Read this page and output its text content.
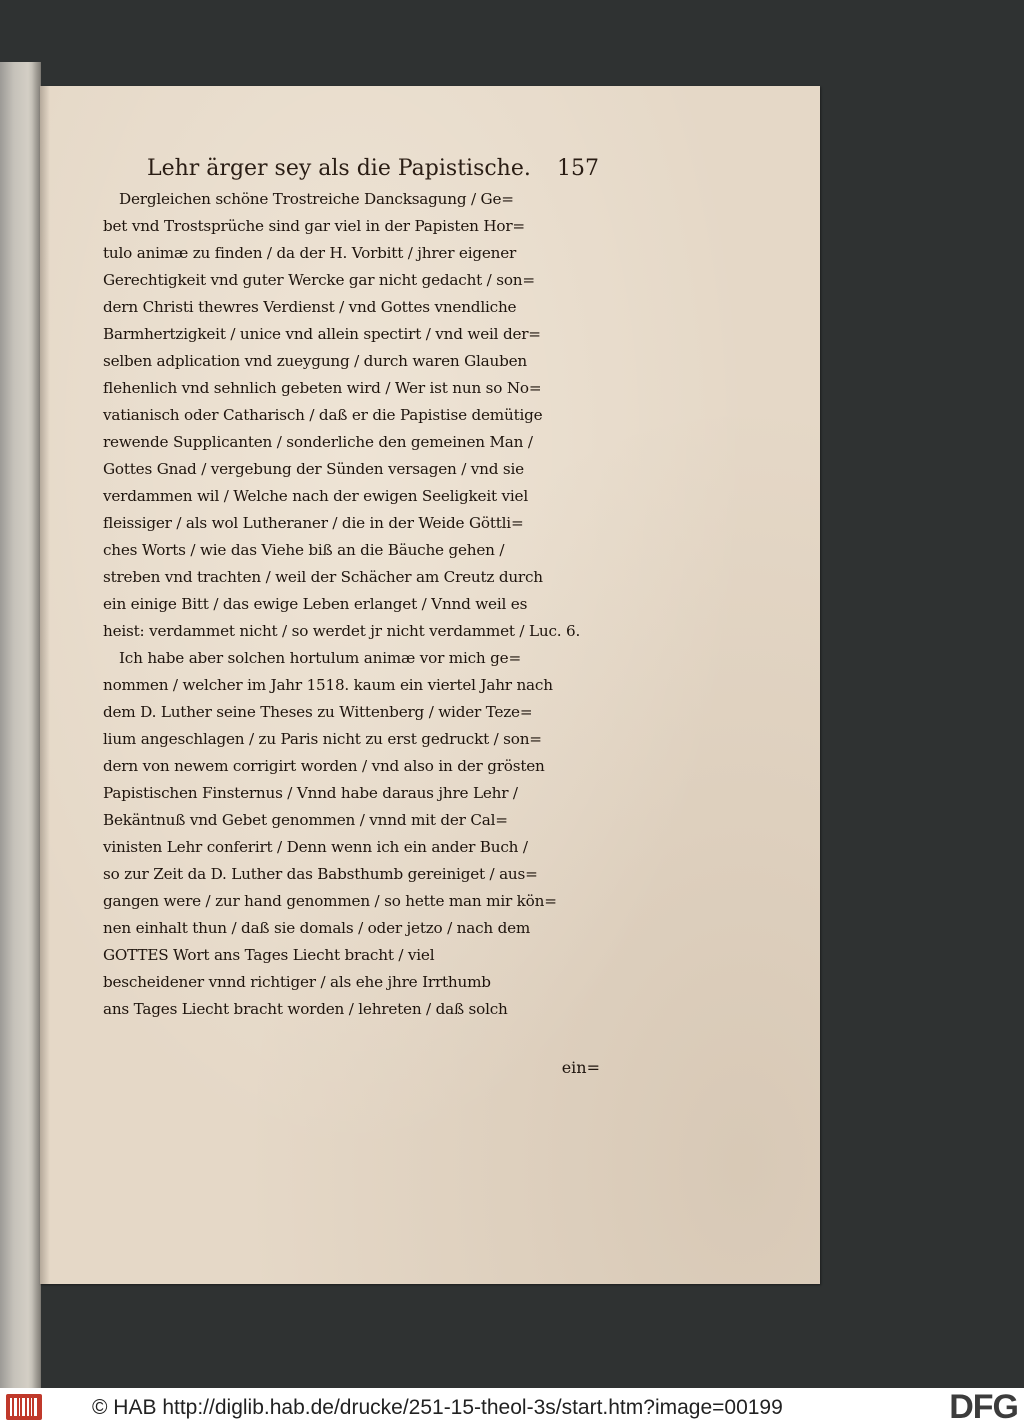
Lehr ärger sey als die Papistische. 157
Dergleichen schöne Trostreiche Dancksagung / Ge=
bet vnd Trostsprüche sind gar viel in der Papisten Hor=
tulo animæ zu finden / da der H. Vorbitt / jhrer eigener
Gerechtigkeit vnd guter Wercke gar nicht gedacht / son=
dern Christi thewres Verdienst / vnd Gottes vnendliche
Barmhertzigkeit / unice vnd allein spectirt / vnd weil der=
selben adplication vnd zueygung / durch waren Glauben
flehenlich vnd sehnlich gebeten wird / Wer ist nun so No=
vatianisch oder Catharisch / daß er die Papistise demütige
rewende Supplicanten / sonderliche den gemeinen Man /
Gottes Gnad / vergebung der Sünden versagen / vnd sie
verdammen wil / Welche nach der ewigen Seeligkeit viel
fleissiger / als wol Lutheraner / die in der Weide Göttli=
ches Worts / wie das Viehe biß an die Bäuche gehen /
streben vnd trachten / weil der Schächer am Creutz durch
ein einige Bitt / das ewige Leben erlanget / Vnnd weil es
heist: verdammet nicht / so werdet jr nicht verdammet / Luc. 6.
Ich habe aber solchen hortulum animæ vor mich ge=
nommen / welcher im Jahr 1518. kaum ein viertel Jahr nach
dem D. Luther seine Theses zu Wittenberg / wider Teze=
lium angeschlagen / zu Paris nicht zu erst gedruckt / son=
dern von newem corrigirt worden / vnd also in der grösten
Papistischen Finsternus / Vnnd habe daraus jhre Lehr /
Bekäntnuß vnd Gebet genommen / vnnd mit der Cal=
vinisten Lehr conferirt / Denn wenn ich ein ander Buch /
so zur Zeit da D. Luther das Babsthumb gereiniget / aus=
gangen were / zur hand genommen / so hette man mir kön=
nen einhalt thun / daß sie domals / oder jetzo / nach dem
GOTTES Wort ans Tages Liecht bracht / viel
bescheidener vnnd richtiger / als ehe jhre Irrthumb
ans Tages Liecht bracht worden / lehreten / daß solch
ein=
© HAB http://diglib.hab.de/drucke/251-15-theol-3s/start.htm?image=00199	DFG
